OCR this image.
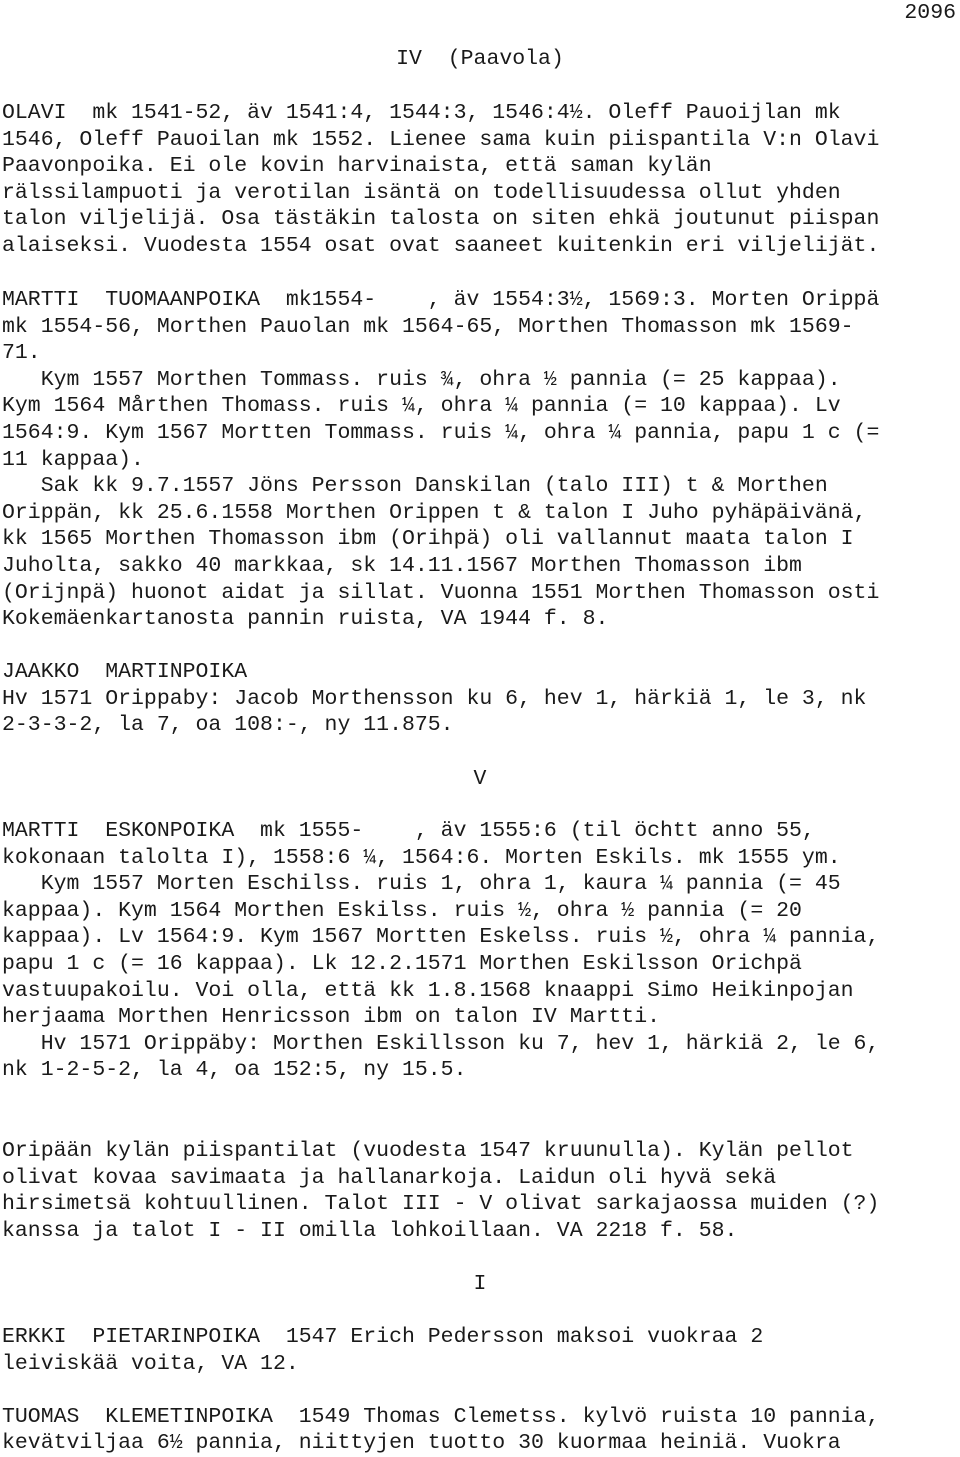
2096
IV  (Paavola)
OLAVI  mk 1541-52, äv 1541:4, 1544:3, 1546:4½. Oleff Pauoijlan mk
1546, Oleff Pauoilan mk 1552. Lienee sama kuin piispantila V:n Olavi
Paavonpoika. Ei ole kovin harvinaista, että saman kylän
rälssilampuoti ja verotilan isäntä on todellisuudessa ollut yhden
talon viljelijä. Osa tästäkin talosta on siten ehkä joutunut piispan
alaiseksi. Vuodesta 1554 osat ovat saaneet kuitenkin eri viljelijät.
MARTTI  TUOMAANPOIKA  mk1554-    , äv 1554:3½, 1569:3. Morten Orippä
mk 1554-56, Morthen Pauolan mk 1564-65, Morthen Thomasson mk 1569-
71.
Kym 1557 Morthen Tommass. ruis ¾, ohra ½ pannia (= 25 kappaa).
Kym 1564 Mårthen Thomass. ruis ¼, ohra ¼ pannia (= 10 kappaa). Lv
1564:9. Kym 1567 Mortten Tommass. ruis ¼, ohra ¼ pannia, papu 1 c (=
11 kappaa).
Sak kk 9.7.1557 Jöns Persson Danskilan (talo III) t & Morthen
Orippän, kk 25.6.1558 Morthen Orippen t & talon I Juho pyhäpäivänä,
kk 1565 Morthen Thomasson ibm (Orihpä) oli vallannut maata talon I
Juholta, sakko 40 markkaa, sk 14.11.1567 Morthen Thomasson ibm
(Orijnpä) huonot aidat ja sillat. Vuonna 1551 Morthen Thomasson osti
Kokemäenkartanosta pannin ruista, VA 1944 f. 8.
JAAKKO  MARTINPOIKA
Hv 1571 Orippaby: Jacob Morthensson ku 6, hev 1, härkiä 1, le 3, nk
2-3-3-2, la 7, oa 108:-, ny 11.875.
V
MARTTI  ESKONPOIKA  mk 1555-    , äv 1555:6 (til öchtt anno 55,
kokonaan talolta I), 1558:6 ¼, 1564:6. Morten Eskils. mk 1555 ym.
Kym 1557 Morten Eschilss. ruis 1, ohra 1, kaura ¼ pannia (= 45
kappaa). Kym 1564 Morthen Eskilss. ruis ½, ohra ½ pannia (= 20
kappaa). Lv 1564:9. Kym 1567 Mortten Eskelss. ruis ½, ohra ¼ pannia,
papu 1 c (= 16 kappaa). Lk 12.2.1571 Morthen Eskilsson Orichpä
vastuupakoilu. Voi olla, että kk 1.8.1568 knaappi Simo Heikinpojan
herjaama Morthen Henricsson ibm on talon IV Martti.
Hv 1571 Orippäby: Morthen Eskillsson ku 7, hev 1, härkiä 2, le 6,
nk 1-2-5-2, la 4, oa 152:5, ny 15.5.
Oripään kylän piispantilat (vuodesta 1547 kruunulla). Kylän pellot
olivat kovaa savimaata ja hallanarkoja. Laidun oli hyvä sekä
hirsimetsä kohtuullinen. Talot III - V olivat sarkajaossa muiden (?)
kanssa ja talot I - II omilla lohkoillaan. VA 2218 f. 58.
I
ERKKI  PIETARINPOIKA  1547 Erich Pedersson maksoi vuokraa 2
leiviskää voita, VA 12.
TUOMAS  KLEMETINPOIKA  1549 Thomas Clemetss. kylvö ruista 10 pannia,
kevätviljaa 6½ pannia, niittyjen tuotto 30 kuormaa heiniä. Vuokra
